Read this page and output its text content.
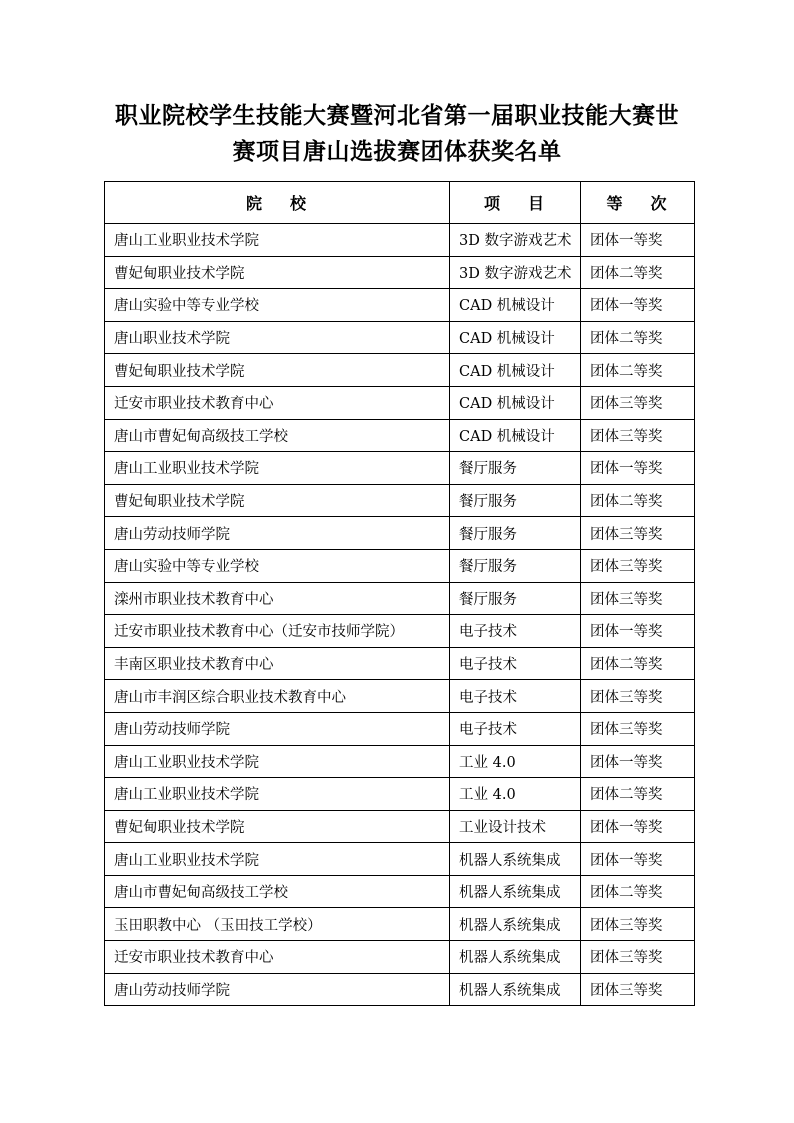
职业院校学生技能大赛暨河北省第一届职业技能大赛世
赛项目唐山选拔赛团体获奖名单
院 校	项 目	等 次
唐山工业职业技术学院	3D 数字游戏艺术	团体一等奖
曹妃甸职业技术学院	3D 数字游戏艺术	团体二等奖
唐山实验中等专业学校	CAD 机械设计	团体一等奖
唐山职业技术学院	CAD 机械设计	团体二等奖
曹妃甸职业技术学院	CAD 机械设计	团体二等奖
迁安市职业技术教育中心	CAD 机械设计	团体三等奖
唐山市曹妃甸高级技工学校	CAD 机械设计	团体三等奖
唐山工业职业技术学院	餐厅服务	团体一等奖
曹妃甸职业技术学院	餐厅服务	团体二等奖
唐山劳动技师学院	餐厅服务	团体三等奖
唐山实验中等专业学校	餐厅服务	团体三等奖
滦州市职业技术教育中心	餐厅服务	团体三等奖
迁安市职业技术教育中心（迁安市技师学院）	电子技术	团体一等奖
丰南区职业技术教育中心	电子技术	团体二等奖
唐山市丰润区综合职业技术教育中心	电子技术	团体三等奖
唐山劳动技师学院	电子技术	团体三等奖
唐山工业职业技术学院	工业 4.0	团体一等奖
唐山工业职业技术学院	工业 4.0	团体二等奖
曹妃甸职业技术学院	工业设计技术	团体一等奖
唐山工业职业技术学院	机器人系统集成	团体一等奖
唐山市曹妃甸高级技工学校	机器人系统集成	团体二等奖
玉田职教中心 （玉田技工学校）	机器人系统集成	团体三等奖
迁安市职业技术教育中心	机器人系统集成	团体三等奖
唐山劳动技师学院	机器人系统集成	团体三等奖
